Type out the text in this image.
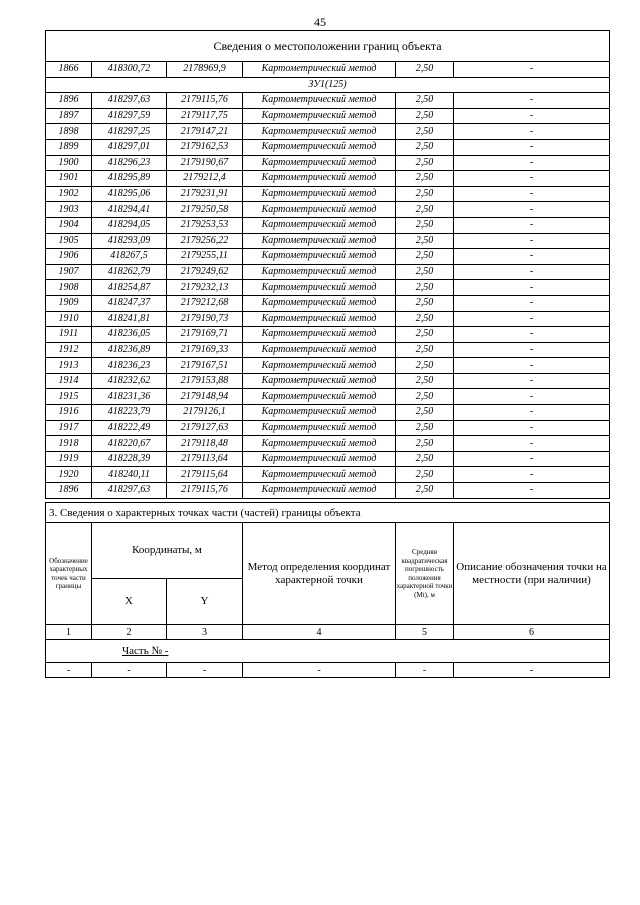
45
Сведения о местоположении границ объекта					
1866	418300,72	2178969,9	Картометрический метод	2,50	-
ЗУ1(125)					
1896	418297,63	2179115,76	Картометрический метод	2,50	-
1897	418297,59	2179117,75	Картометрический метод	2,50	-
1898	418297,25	2179147,21	Картометрический метод	2,50	-
1899	418297,01	2179162,53	Картометрический метод	2,50	-
1900	418296,23	2179190,67	Картометрический метод	2,50	-
1901	418295,89	2179212,4	Картометрический метод	2,50	-
1902	418295,06	2179231,91	Картометрический метод	2,50	-
1903	418294,41	2179250,58	Картометрический метод	2,50	-
1904	418294,05	2179253,53	Картометрический метод	2,50	-
1905	418293,09	2179256,22	Картометрический метод	2,50	-
1906	418267,5	2179255,11	Картометрический метод	2,50	-
1907	418262,79	2179249,62	Картометрический метод	2,50	-
1908	418254,87	2179232,13	Картометрический метод	2,50	-
1909	418247,37	2179212,68	Картометрический метод	2,50	-
1910	418241,81	2179190,73	Картометрический метод	2,50	-
1911	418236,05	2179169,71	Картометрический метод	2,50	-
1912	418236,89	2179169,33	Картометрический метод	2,50	-
1913	418236,23	2179167,51	Картометрический метод	2,50	-
1914	418232,62	2179153,88	Картометрический метод	2,50	-
1915	418231,36	2179148,94	Картометрический метод	2,50	-
1916	418223,79	2179126,1	Картометрический метод	2,50	-
1917	418222,49	2179127,63	Картометрический метод	2,50	-
1918	418220,67	2179118,48	Картометрический метод	2,50	-
1919	418228,39	2179113,64	Картометрический метод	2,50	-
1920	418240,11	2179115,64	Картометрический метод	2,50	-
1896	418297,63	2179115,76	Картометрический метод	2,50	-
3. Сведения о характерных точках части (частей) границы объекта					
Обозначение характерных точек части границы	Координаты, м		Метод определения координат характерной точки	Средняя квадратическая погрешность положения характерной точки (Mt), м	Описание обозначения точки на местности (при наличии)
	X	Y			
1	2	3	4	5	6
Часть № -					
-	-	-	-	-	-
